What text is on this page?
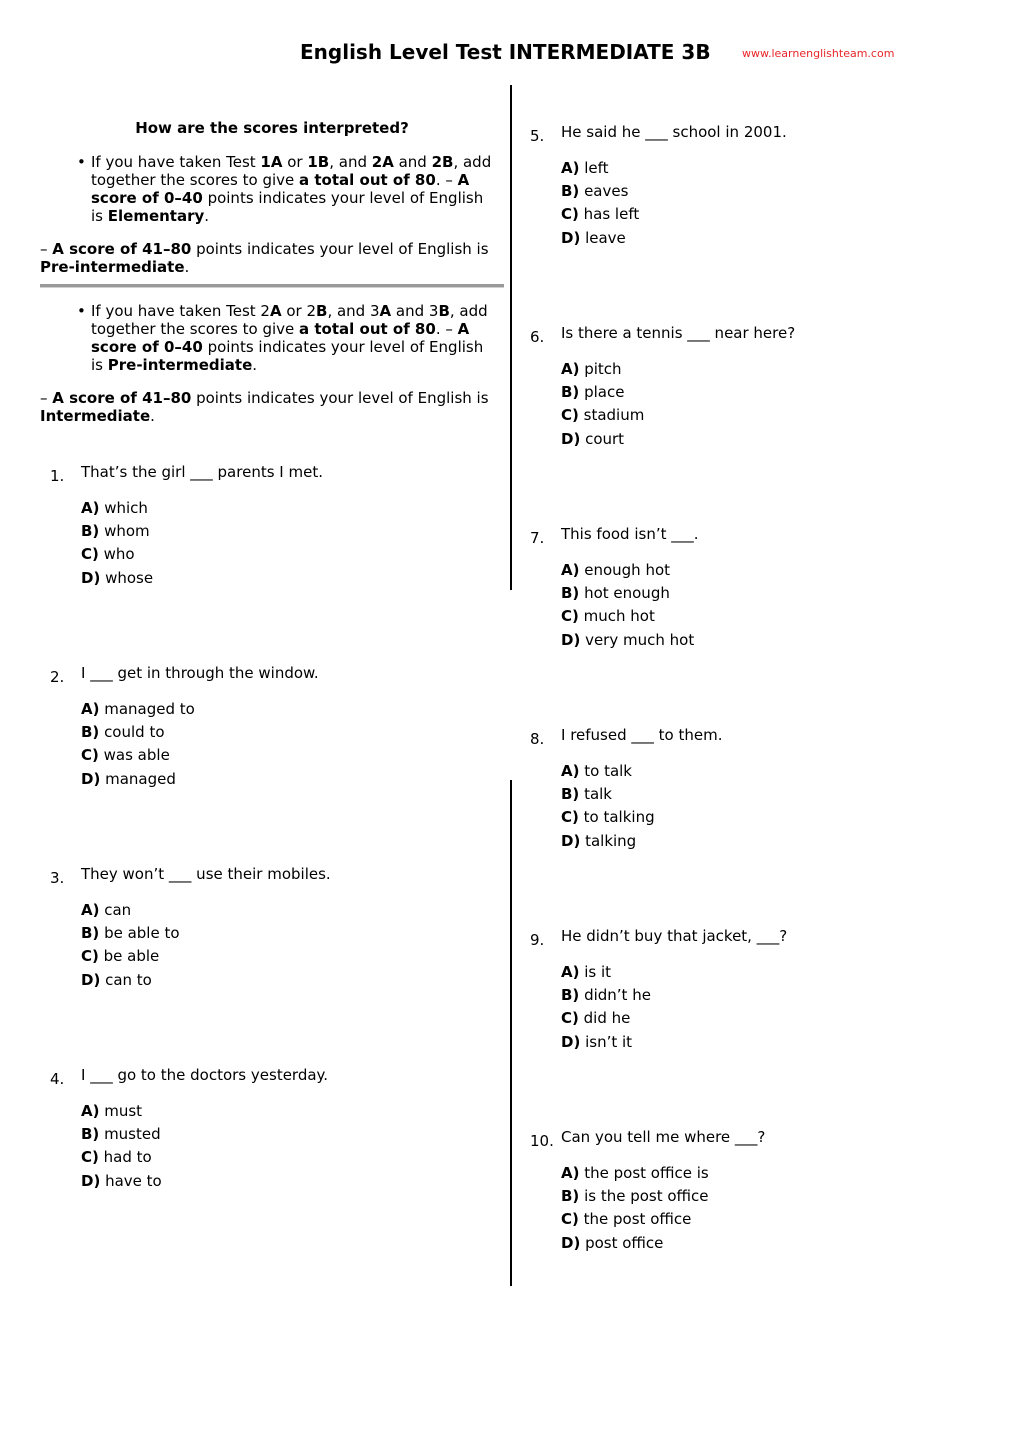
English Level Test INTERMEDIATE 3B	www.learnenglishteam.com
How are the scores interpreted?
• If you have taken Test 1A or 1B, and 2A and 2B, add
together the scores to give a total out of 80. – A
score of 0–40 points indicates your level of English
is Elementary.
– A score of 41–80 points indicates your level of English is
Pre-intermediate.
• If you have taken Test 2A or 2B, and 3A and 3B, add
together the scores to give a total out of 80. – A
score of 0–40 points indicates your level of English
is Pre-intermediate.
– A score of 41–80 points indicates your level of English is
Intermediate.
1. That’s the girl ___ parents I met.
A) which
B) whom
C) who
D) whose
2. I ___ get in through the window.
A) managed to
B) could to
C) was able
D) managed
3. They won’t ___ use their mobiles.
A) can
B) be able to
C) be able
D) can to
4. I ___ go to the doctors yesterday.
A) must
B) musted
C) had to
D) have to
5. He said he ___ school in 2001.
A) left
B) eaves
C) has left
D) leave
6. Is there a tennis ___ near here?
A) pitch
B) place
C) stadium
D) court
7. This food isn’t ___.
A) enough hot
B) hot enough
C) much hot
D) very much hot
8. I refused ___ to them.
A) to talk
B) talk
C) to talking
D) talking
9. He didn’t buy that jacket, ___?
A) is it
B) didn’t he
C) did he
D) isn’t it
10. Can you tell me where ___?
A) the post office is
B) is the post office
C) the post office
D) post office
